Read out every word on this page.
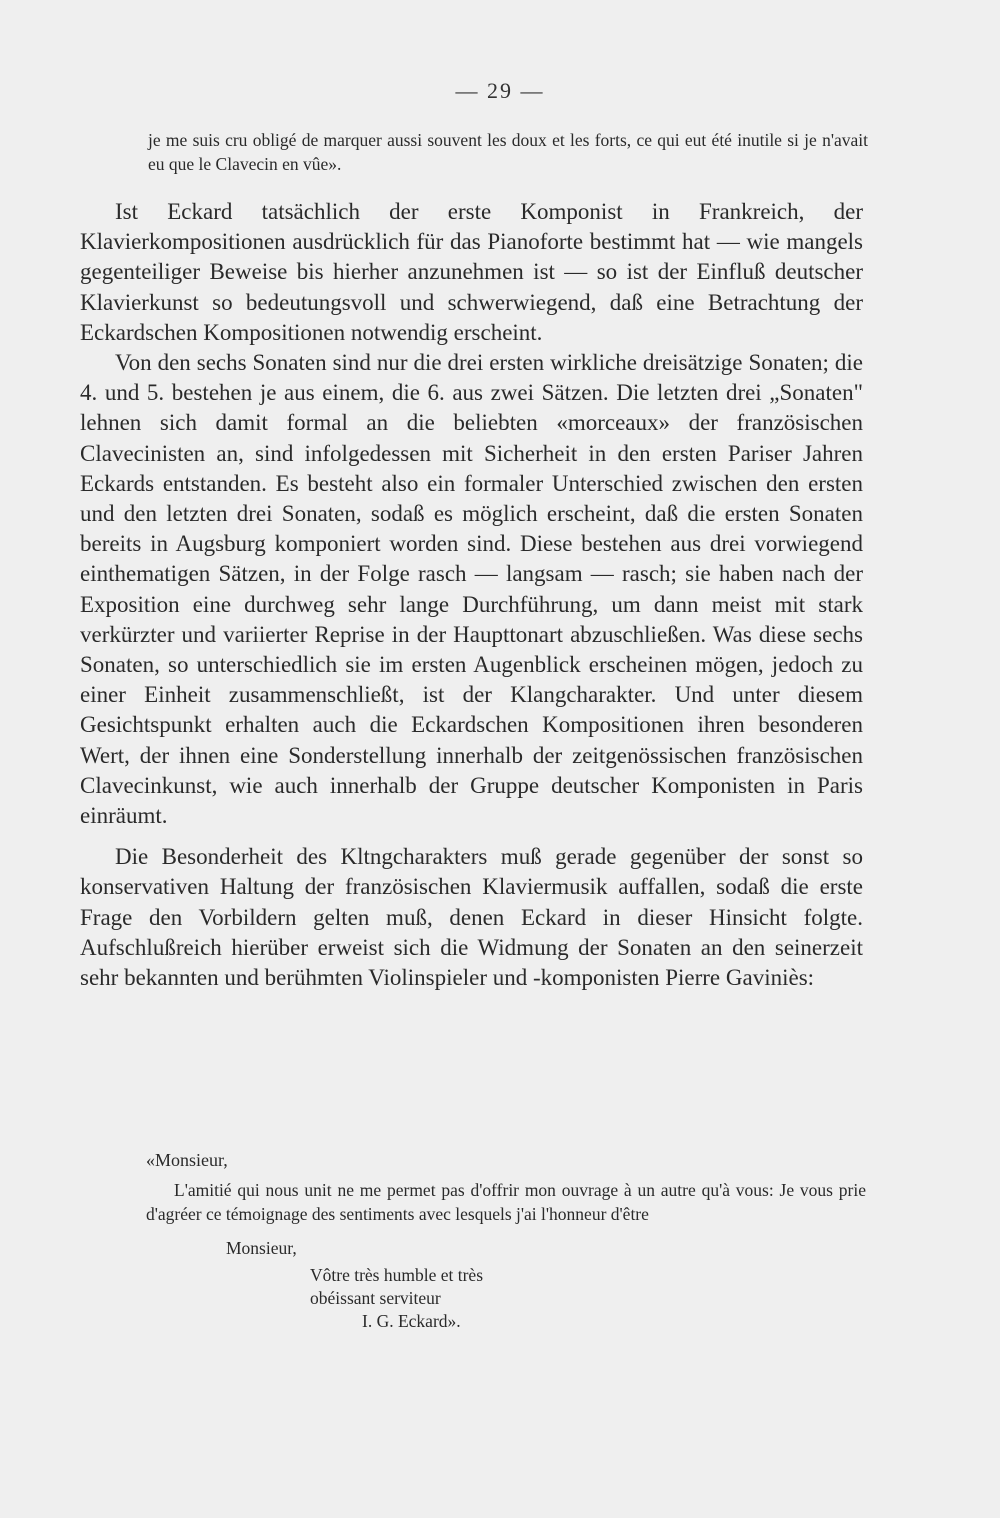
— 29 —
je me suis cru obligé de marquer aussi souvent les doux et les forts, ce qui eut été inutile si je n'avait eu que le Clavecin en vûe».

Ist Eckard tatsächlich der erste Komponist in Frankreich, der Klavierkompositionen ausdrücklich für das Pianoforte bestimmt hat — wie mangels gegenteiliger Beweise bis hierher anzunehmen ist — so ist der Einfluß deutscher Klavierkunst so bedeutungsvoll und schwerwiegend, daß eine Betrachtung der Eckardschen Kompositionen notwendig erscheint.

Von den sechs Sonaten sind nur die drei ersten wirkliche dreisätzige Sonaten; die 4. und 5. bestehen je aus einem, die 6. aus zwei Sätzen. Die letzten drei „Sonaten" lehnen sich damit formal an die beliebten «morceaux» der französischen Clavecinisten an, sind infolgedessen mit Sicherheit in den ersten Pariser Jahren Eckards entstanden. Es besteht also ein formaler Unterschied zwischen den ersten und den letzten drei Sonaten, sodaß es möglich erscheint, daß die ersten Sonaten bereits in Augsburg komponiert worden sind. Diese bestehen aus drei vorwiegend einthematigen Sätzen, in der Folge rasch — langsam — rasch; sie haben nach der Exposition eine durchweg sehr lange Durchführung, um dann meist mit stark verkürzter und variierter Reprise in der Haupttonart abzuschließen. Was diese sechs Sonaten, so unterschiedlich sie im ersten Augenblick erscheinen mögen, jedoch zu einer Einheit zusammenschließt, ist der Klangcharakter. Und unter diesem Gesichtspunkt erhalten auch die Eckardschen Kompositionen ihren besonderen Wert, der ihnen eine Sonderstellung innerhalb der zeitgenössischen französischen Clavecinkunst, wie auch innerhalb der Gruppe deutscher Komponisten in Paris einräumt.

Die Besonderheit des Kltngcharakters muß gerade gegenüber der sonst so konservativen Haltung der französischen Klaviermusik auffallen, sodaß die erste Frage den Vorbildern gelten muß, denen Eckard in dieser Hinsicht folgte. Aufschlußreich hierüber erweist sich die Widmung der Sonaten an den seinerzeit sehr bekannten und berühmten Violinspieler und -komponisten Pierre Gaviniès:

«Monsieur,
L'amitié qui nous unit ne me permet pas d'offrir mon ouvrage à un autre qu'à vous: Je vous prie d'agréer ce témoignage des sentiments avec lesquels j'ai l'honneur d'être
Monsieur,
Vôtre très humble et très
obéissant serviteur
I. G. Eckard».
